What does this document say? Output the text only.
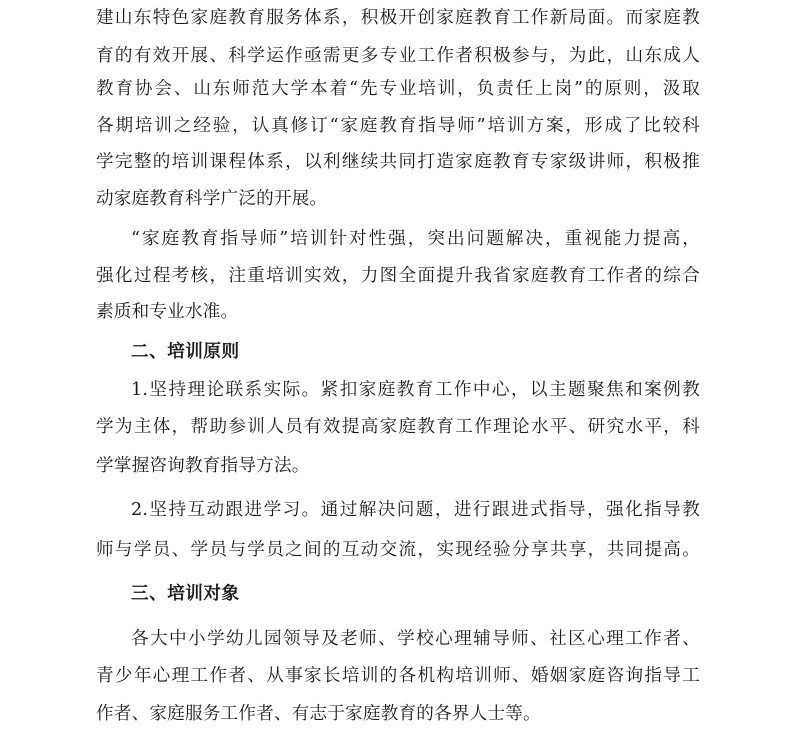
建山东特色家庭教育服务体系，积极开创家庭教育工作新局面。而家庭教
育的有效开展、科学运作亟需更多专业工作者积极参与，为此，山东成人
教育协会、山东师范大学本着“先专业培训，负责任上岗”的原则，汲取
各期培训之经验，认真修订“家庭教育指导师”培训方案，形成了比较科
学完整的培训课程体系，以利继续共同打造家庭教育专家级讲师，积极推
动家庭教育科学广泛的开展。
“家庭教育指导师”培训针对性强，突出问题解决，重视能力提高，
强化过程考核，注重培训实效，力图全面提升我省家庭教育工作者的综合
素质和专业水准。
二、培训原则
1.坚持理论联系实际。紧扣家庭教育工作中心，以主题聚焦和案例教
学为主体，帮助参训人员有效提高家庭教育工作理论水平、研究水平，科
学掌握咨询教育指导方法。
2.坚持互动跟进学习。通过解决问题，进行跟进式指导，强化指导教
师与学员、学员与学员之间的互动交流，实现经验分享共享，共同提高。
三、培训对象
各大中小学幼儿园领导及老师、学校心理辅导师、社区心理工作者、
青少年心理工作者、从事家长培训的各机构培训师、婚姻家庭咨询指导工
作者、家庭服务工作者、有志于家庭教育的各界人士等。
